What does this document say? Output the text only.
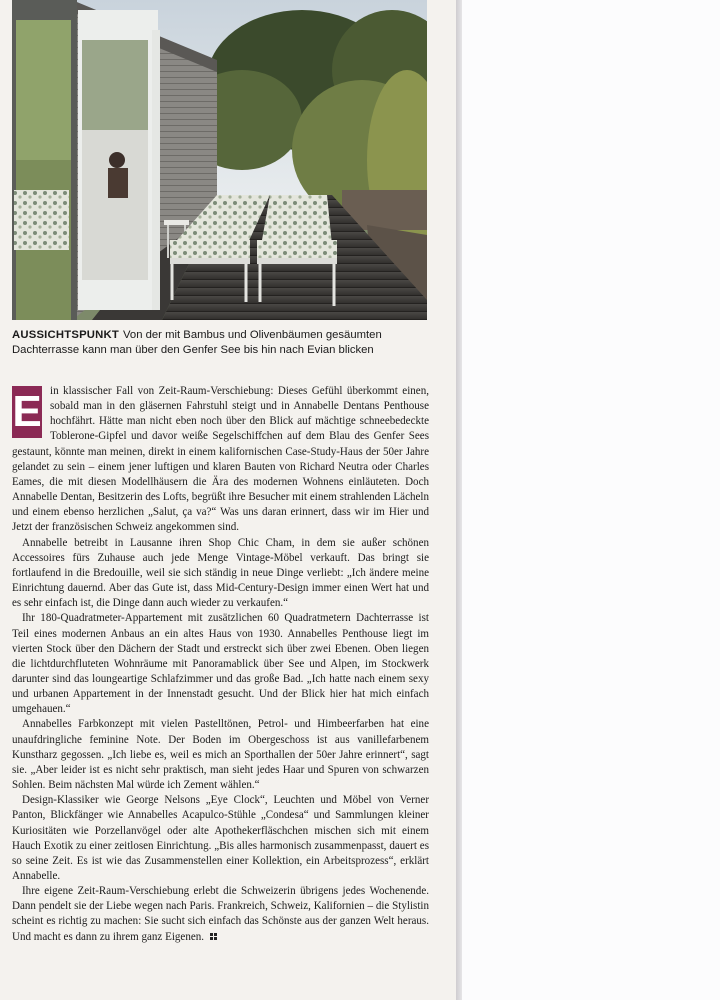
AUSSICHTSPUNKT Von der mit Bambus und Olivenbäumen gesäumten Dachterrasse kann man über den Genfer See bis hin nach Evian blicken

E in klassischer Fall von Zeit-Raum-Verschiebung: Dieses Gefühl überkommt einen, sobald man in den gläsernen Fahrstuhl steigt und in Annabelle Dentans Penthouse hochfährt. Hätte man nicht eben noch über den Blick auf mächtige schneebedeckte Toblerone-Gipfel und davor weiße Segelschiffchen auf dem Blau des Genfer Sees gestaunt, könnte man meinen, direkt in einem kalifornischen Case-Study-Haus der 50er Jahre gelandet zu sein – einem jener luftigen und klaren Bauten von Richard Neutra oder Charles Eames, die mit diesen Modellhäusern die Ära des modernen Wohnens einläuteten. Doch Annabelle Dentan, Besitzerin des Lofts, begrüßt ihre Besucher mit einem strahlenden Lächeln und einem ebenso herzlichen „Salut, ça va?“ Was uns daran erinnert, dass wir im Hier und Jetzt der französischen Schweiz angekommen sind.

Annabelle betreibt in Lausanne ihren Shop Chic Cham, in dem sie außer schönen Accessoires fürs Zuhause auch jede Menge Vintage-Möbel verkauft. Das bringt sie fortlaufend in die Bredouille, weil sie sich ständig in neue Dinge verliebt: „Ich ändere meine Einrichtung dauernd. Aber das Gute ist, dass Mid-Century-Design immer einen Wert hat und es sehr einfach ist, die Dinge dann auch wieder zu verkaufen.“

Ihr 180-Quadratmeter-Appartement mit zusätzlichen 60 Quadratmetern Dachterrasse ist Teil eines modernen Anbaus an ein altes Haus von 1930. Annabelles Penthouse liegt im vierten Stock über den Dächern der Stadt und erstreckt sich über zwei Ebenen. Oben liegen die lichtdurchfluteten Wohnräume mit Panoramablick über See und Alpen, im Stockwerk darunter sind das loungeartige Schlafzimmer und das große Bad. „Ich hatte nach einem sexy und urbanen Appartement in der Innenstadt gesucht. Und der Blick hier hat mich einfach umgehauen.“

Annabelles Farbkonzept mit vielen Pastelltönen, Petrol- und Himbeerfarben hat eine unaufdringliche feminine Note. Der Boden im Obergeschoss ist aus vanillefarbenem Kunstharz gegossen. „Ich liebe es, weil es mich an Sporthallen der 50er Jahre erinnert“, sagt sie. „Aber leider ist es nicht sehr praktisch, man sieht jedes Haar und Spuren von schwarzen Sohlen. Beim nächsten Mal würde ich Zement wählen.“

Design-Klassiker wie George Nelsons „Eye Clock“, Leuchten und Möbel von Verner Panton, Blickfänger wie Annabelles Acapulco-Stühle „Condesa“ und Sammlungen kleiner Kuriositäten wie Porzellanvögel oder alte Apothekerfläschchen mischen sich mit einem Hauch Exotik zu einer zeitlosen Einrichtung. „Bis alles harmonisch zusammenpasst, dauert es so seine Zeit. Es ist wie das Zusammenstellen einer Kollektion, ein Arbeitsprozess“, erklärt Annabelle.

Ihre eigene Zeit-Raum-Verschiebung erlebt die Schweizerin übrigens jedes Wochenende. Dann pendelt sie der Liebe wegen nach Paris. Frankreich, Schweiz, Kalifornien – die Stylistin scheint es richtig zu machen: Sie sucht sich einfach das Schönste aus der ganzen Welt heraus. Und macht es dann zu ihrem ganz Eigenen.
